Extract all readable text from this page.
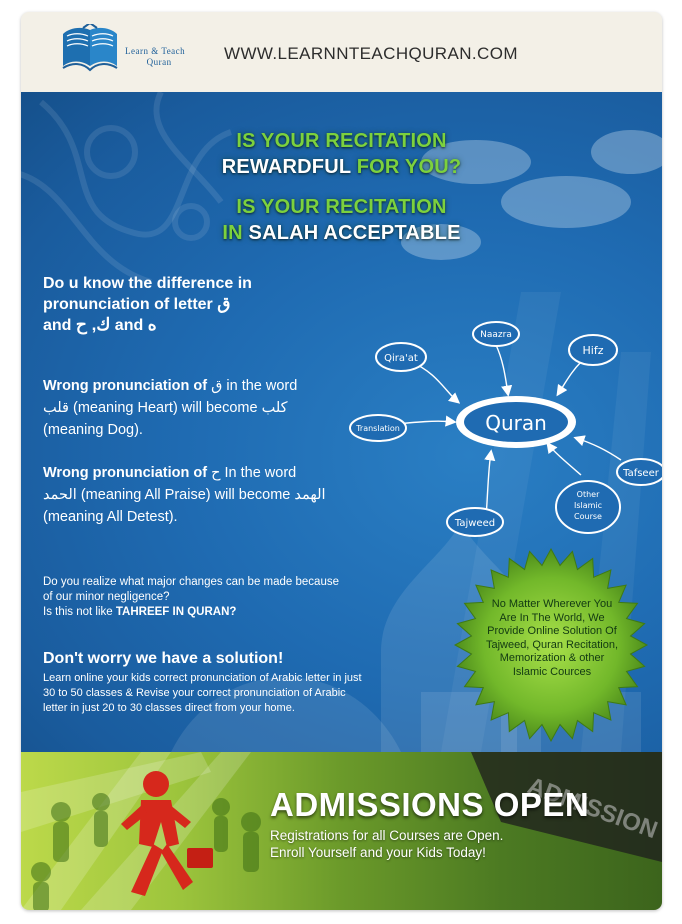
Learn & Teach
Quran	WWW.LEARNNTEACHQURAN.COM
IS YOUR RECITATION
REWARDFUL FOR YOU?
IS YOUR RECITATION
IN SALAH ACCEPTABLE
Do u know the difference in
pronunciation of letter ق
and ك, ح and ه
Wrong pronunciation of ق in the word
قلب (meaning Heart) will become كلب
(meaning Dog).
Wrong pronunciation of ح In the word
الحمد (meaning All Praise) will become الهمد
(meaning All Detest).
Do you realize what major changes can be made because
of our minor negligence?
Is this not like TAHREEF IN QURAN?
Don't worry we have a solution!
Learn online your kids correct pronunciation of Arabic letter in just 30 to 50 classes & Revise your correct pronunciation of Arabic letter in just 20 to 30 classes direct from your home.
Quran
Qira'at
Naazra
Hifz
Translation
Tafseer
Other
Islamic
Course
Tajweed
No Matter Wherever You Are In The World, We Provide Online Solution Of Tajweed, Quran Recitation, Memorization & other Islamic Cources
ADMISSION
ADMISSIONS OPEN
Registrations for all Courses are Open.
Enroll Yourself and your Kids Today!
